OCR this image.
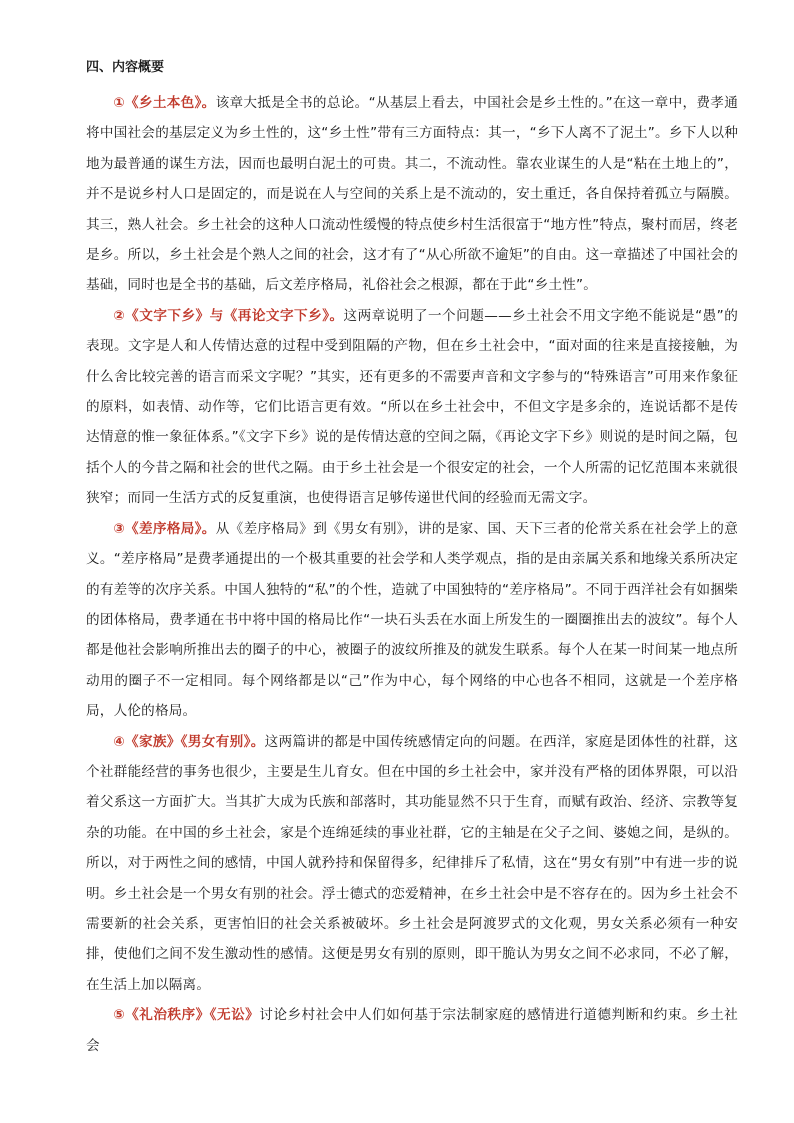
四、内容概要

①《乡土本色》。该章大抵是全书的总论。“从基层上看去，中国社会是乡土性的。”在这一章中，费孝通将中国社会的基层定义为乡土性的，这“乡土性”带有三方面特点：其一，“乡下人离不了泥土”。乡下人以种地为最普通的谋生方法，因而也最明白泥土的可贵。其二，不流动性。靠农业谋生的人是“粘在土地上的”，并不是说乡村人口是固定的，而是说在人与空间的关系上是不流动的，安土重迁，各自保持着孤立与隔膜。其三，熟人社会。乡土社会的这种人口流动性缓慢的特点使乡村生活很富于“地方性”特点，聚村而居，终老是乡。所以，乡土社会是个熟人之间的社会，这才有了“从心所欲不逾矩”的自由。这一章描述了中国社会的基础，同时也是全书的基础，后文差序格局，礼俗社会之根源，都在于此“乡土性”。

②《文字下乡》与《再论文字下乡》。这两章说明了一个问题——乡土社会不用文字绝不能说是“愚”的表现。文字是人和人传情达意的过程中受到阻隔的产物，但在乡土社会中，“面对面的往来是直接接触，为什么舍比较完善的语言而采文字呢？”其实，还有更多的不需要声音和文字参与的“特殊语言”可用来作象征的原料，如表情、动作等，它们比语言更有效。“所以在乡土社会中，不但文字是多余的，连说话都不是传达情意的惟一象征体系。”《文字下乡》说的是传情达意的空间之隔，《再论文字下乡》则说的是时间之隔，包括个人的今昔之隔和社会的世代之隔。由于乡土社会是一个很安定的社会，一个人所需的记忆范围本来就很狭窄；而同一生活方式的反复重演，也使得语言足够传递世代间的经验而无需文字。

③《差序格局》。从《差序格局》到《男女有别》，讲的是家、国、天下三者的伦常关系在社会学上的意义。“差序格局”是费孝通提出的一个极其重要的社会学和人类学观点，指的是由亲属关系和地缘关系所决定的有差等的次序关系。中国人独特的“私”的个性，造就了中国独特的“差序格局”。不同于西洋社会有如捆柴的团体格局，费孝通在书中将中国的格局比作“一块石头丢在水面上所发生的一圈圈推出去的波纹”。每个人都是他社会影响所推出去的圈子的中心，被圈子的波纹所推及的就发生联系。每个人在某一时间某一地点所动用的圈子不一定相同。每个网络都是以“己”作为中心，每个网络的中心也各不相同，这就是一个差序格局，人伦的格局。

④《家族》《男女有别》。这两篇讲的都是中国传统感情定向的问题。在西洋，家庭是团体性的社群，这个社群能经营的事务也很少，主要是生儿育女。但在中国的乡土社会中，家并没有严格的团体界限，可以沿着父系这一方面扩大。当其扩大成为氏族和部落时，其功能显然不只于生育，而赋有政治、经济、宗教等复杂的功能。在中国的乡土社会，家是个连绵延续的事业社群，它的主轴是在父子之间、婆媳之间，是纵的。所以，对于两性之间的感情，中国人就矜持和保留得多，纪律排斥了私情，这在“男女有别”中有进一步的说明。乡土社会是一个男女有别的社会。浮士德式的恋爱精神，在乡土社会中是不容存在的。因为乡土社会不需要新的社会关系，更害怕旧的社会关系被破坏。乡土社会是阿渡罗式的文化观，男女关系必须有一种安排，使他们之间不发生激动性的感情。这便是男女有别的原则，即干脆认为男女之间不必求同，不必了解，在生活上加以隔离。

⑤《礼治秩序》《无讼》讨论乡村社会中人们如何基于宗法制家庭的感情进行道德判断和约束。乡土社会
